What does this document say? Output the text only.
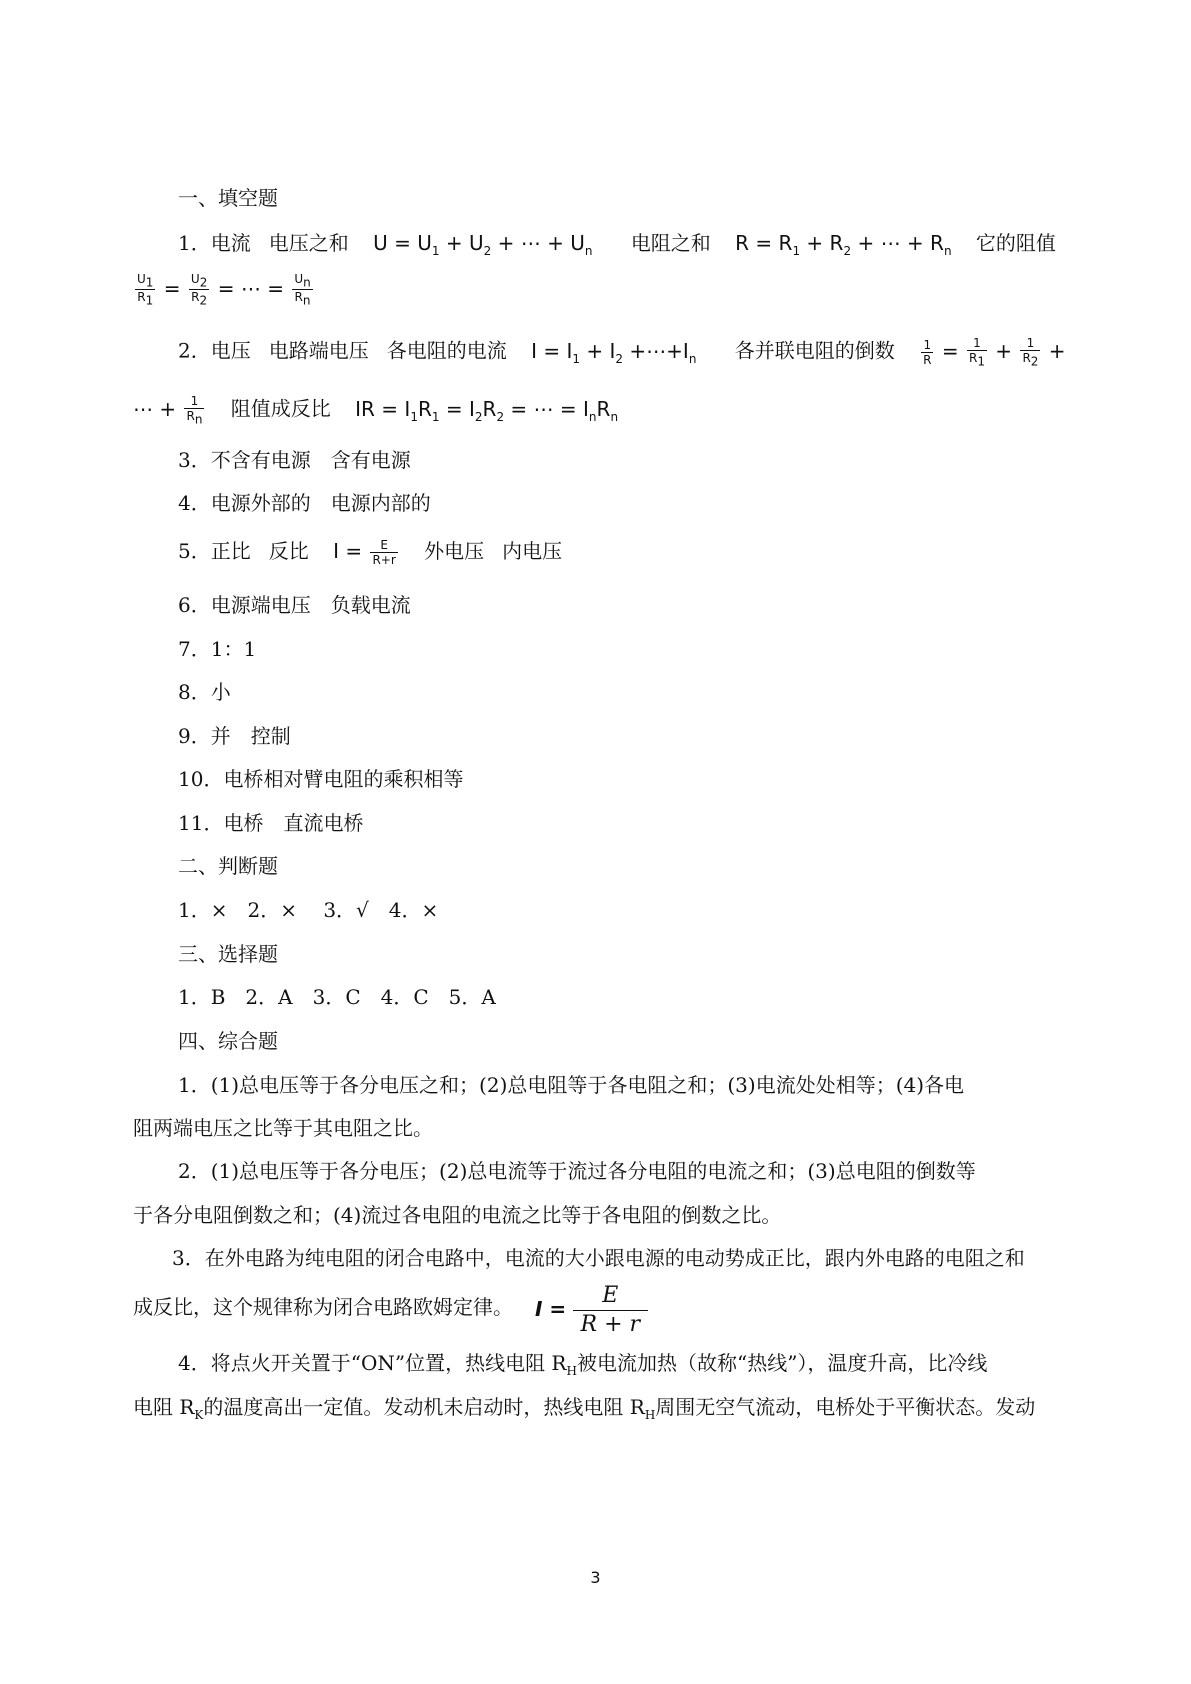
一、填空题
1．电流 电压之和 $U = U_1 + U_2$ + ⋯ + $U_n$ 电阻之和 $R = R_1 + R_2$ + ⋯ + $R_n$ 它的阻值
$\frac{U_1}{R_1} = \frac{U_2}{R_2}$ = ⋯ = $\frac{U_n}{R_n}$
2．电压 电路端电压 各电阻的电流 $I = I_1 + I_2$ $+\cdots+I_n$ 各并联电阻的倒数 $\frac{1}{R} = \frac{1}{R_1} + \frac{1}{R_2}$ +
⋯ + $\frac{1}{R_n}$ 阻值成反比 IR = $I_1R_1 = I_2R_2$ = ⋯ = $I_nR_n$
3．不含有电源　含有电源
4．电源外部的　电源内部的
5．正比 反比 $I = \frac{E}{R+r}$ 外电压 内电压
6．电源端电压　负载电流
7．1：1
8．小
9．并　控制
10．电桥相对臂电阻的乘积相等
11．电桥　直流电桥
二、判断题
1．×　2．×　 3．√　4．×
三、选择题
1．B　2．A　3．C　4．C　5．A
四、综合题
1．(1)总电压等于各分电压之和；(2)总电阻等于各电阻之和；(3)电流处处相等；(4)各电
阻两端电压之比等于其电阻之比。
2．(1)总电压等于各分电压；(2)总电流等于流过各分电阻的电流之和；(3)总电阻的倒数等
于各分电阻倒数之和；(4)流过各电阻的电流之比等于各电阻的倒数之比。
3．在外电路为纯电阻的闭合电路中，电流的大小跟电源的电动势成正比，跟内外电路的电阻之和
成反比，这个规律称为闭合电路欧姆定律。 $I = \frac{E}{R + r}$
4．将点火开关置于“ON”位置，热线电阻 $R_H$被电流加热（故称“热线”），温度升高，比冷线
电阻 $R_K$的温度高出一定值。发动机未启动时，热线电阻 $R_H$周围无空气流动，电桥处于平衡状态。发动
3
